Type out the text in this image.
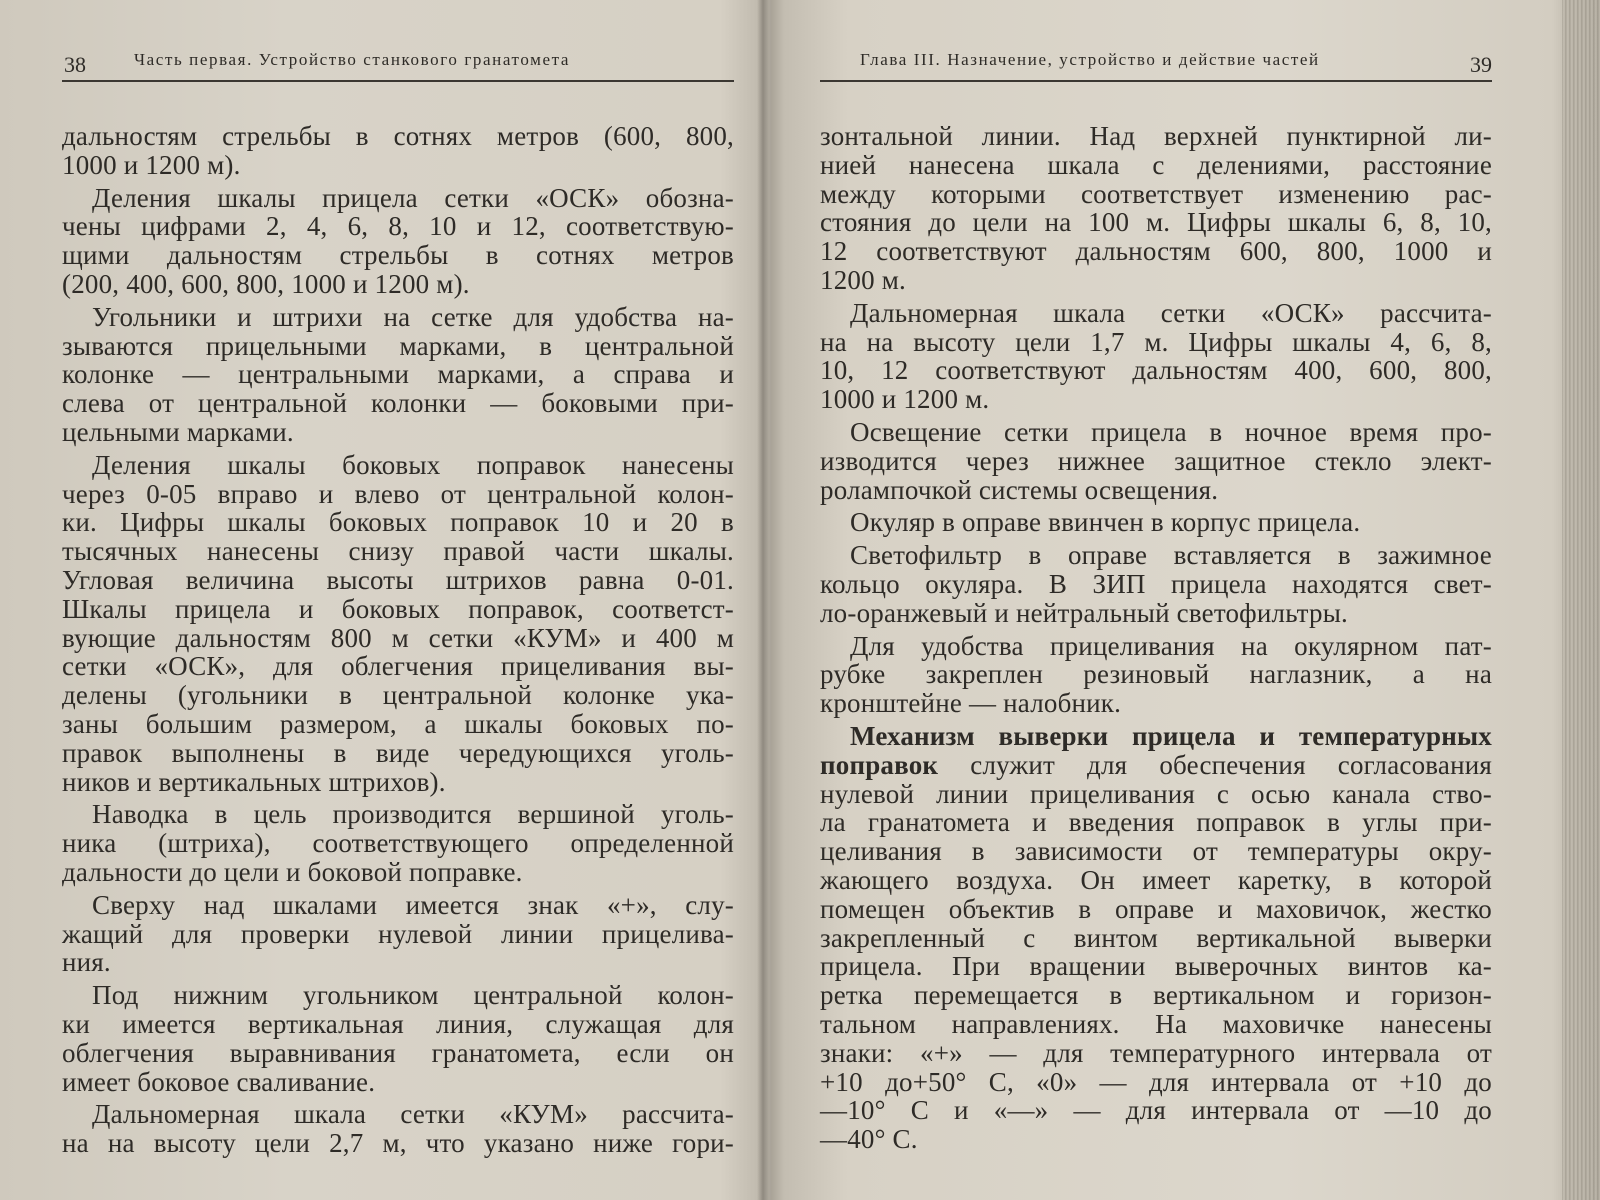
38	Часть первая. Устройство станкового гранатомета
дальностям стрельбы в сотнях метров (600, 800,
1000 и 1200 м).
Деления шкалы прицела сетки «ОСК» обозна-
чены цифрами 2, 4, 6, 8, 10 и 12, соответствую-
щими дальностям стрельбы в сотнях метров
(200, 400, 600, 800, 1000 и 1200 м).
Угольники и штрихи на сетке для удобства на-
зываются прицельными марками, в центральной
колонке — центральными марками, а справа и
слева от центральной колонки — боковыми при-
цельными марками.
Деления шкалы боковых поправок нанесены
через 0-05 вправо и влево от центральной колон-
ки. Цифры шкалы боковых поправок 10 и 20 в
тысячных нанесены снизу правой части шкалы.
Угловая величина высоты штрихов равна 0-01.
Шкалы прицела и боковых поправок, соответст-
вующие дальностям 800 м сетки «КУМ» и 400 м
сетки «ОСК», для облегчения прицеливания вы-
делены (угольники в центральной колонке ука-
заны большим размером, а шкалы боковых по-
правок выполнены в виде чередующихся уголь-
ников и вертикальных штрихов).
Наводка в цель производится вершиной уголь-
ника (штриха), соответствующего определенной
дальности до цели и боковой поправке.
Сверху над шкалами имеется знак «+», слу-
жащий для проверки нулевой линии прицелива-
ния.
Под нижним угольником центральной колон-
ки имеется вертикальная линия, служащая для
облегчения выравнивания гранатомета, если он
имеет боковое сваливание.
Дальномерная шкала сетки «КУМ» рассчита-
на на высоту цели 2,7 м, что указано ниже гори-
Глава III. Назначение, устройство и действие частей	39
зонтальной линии. Над верхней пунктирной ли-
нией нанесена шкала с делениями, расстояние
между которыми соответствует изменению рас-
стояния до цели на 100 м. Цифры шкалы 6, 8, 10,
12 соответствуют дальностям 600, 800, 1000 и
1200 м.
Дальномерная шкала сетки «ОСК» рассчита-
на на высоту цели 1,7 м. Цифры шкалы 4, 6, 8,
10, 12 соответствуют дальностям 400, 600, 800,
1000 и 1200 м.
Освещение сетки прицела в ночное время про-
изводится через нижнее защитное стекло элект-
ролампочкой системы освещения.
Окуляр в оправе ввинчен в корпус прицела.
Светофильтр в оправе вставляется в зажимное
кольцо окуляра. В ЗИП прицела находятся свет-
ло-оранжевый и нейтральный светофильтры.
Для удобства прицеливания на окулярном пат-
рубке закреплен резиновый наглазник, а на
кронштейне — налобник.
Механизм выверки прицела и температурных
поправок служит для обеспечения согласования
нулевой линии прицеливания с осью канала ство-
ла гранатомета и введения поправок в углы при-
целивания в зависимости от температуры окру-
жающего воздуха. Он имеет каретку, в которой
помещен объектив в оправе и маховичок, жестко
закрепленный с винтом вертикальной выверки
прицела. При вращении выверочных винтов ка-
ретка перемещается в вертикальном и горизон-
тальном направлениях. На маховичке нанесены
знаки: «+» — для температурного интервала от
+10 до+50° С, «0» — для интервала от +10 до
—10° С и «—» — для интервала от —10 до
—40° С.
